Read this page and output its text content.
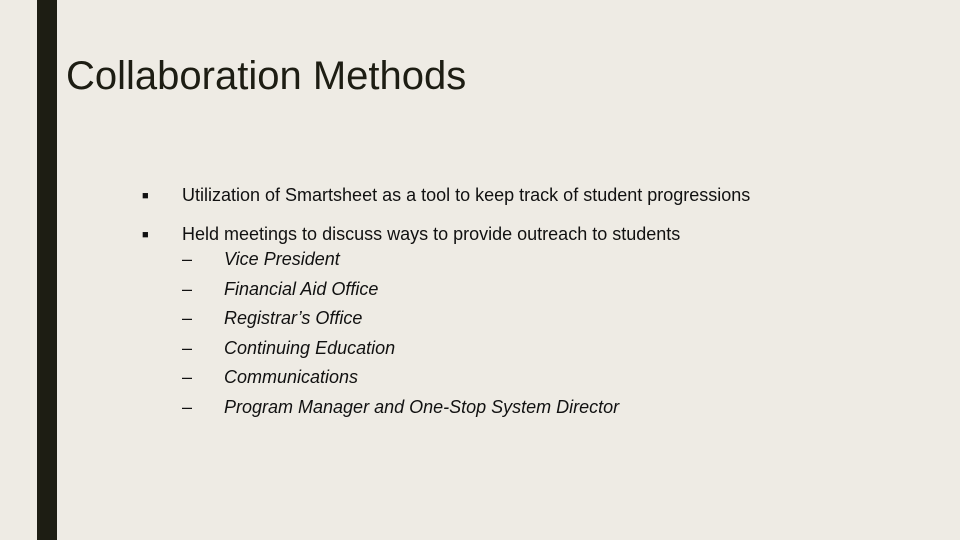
Collaboration Methods
■	Utilization of Smartsheet as a tool to keep track of student progressions
■	Held meetings to discuss ways to provide outreach to students
–	Vice President
–	Financial Aid Office
–	Registrar’s Office
–	Continuing Education
–	Communications
–	Program Manager and One-Stop System Director
